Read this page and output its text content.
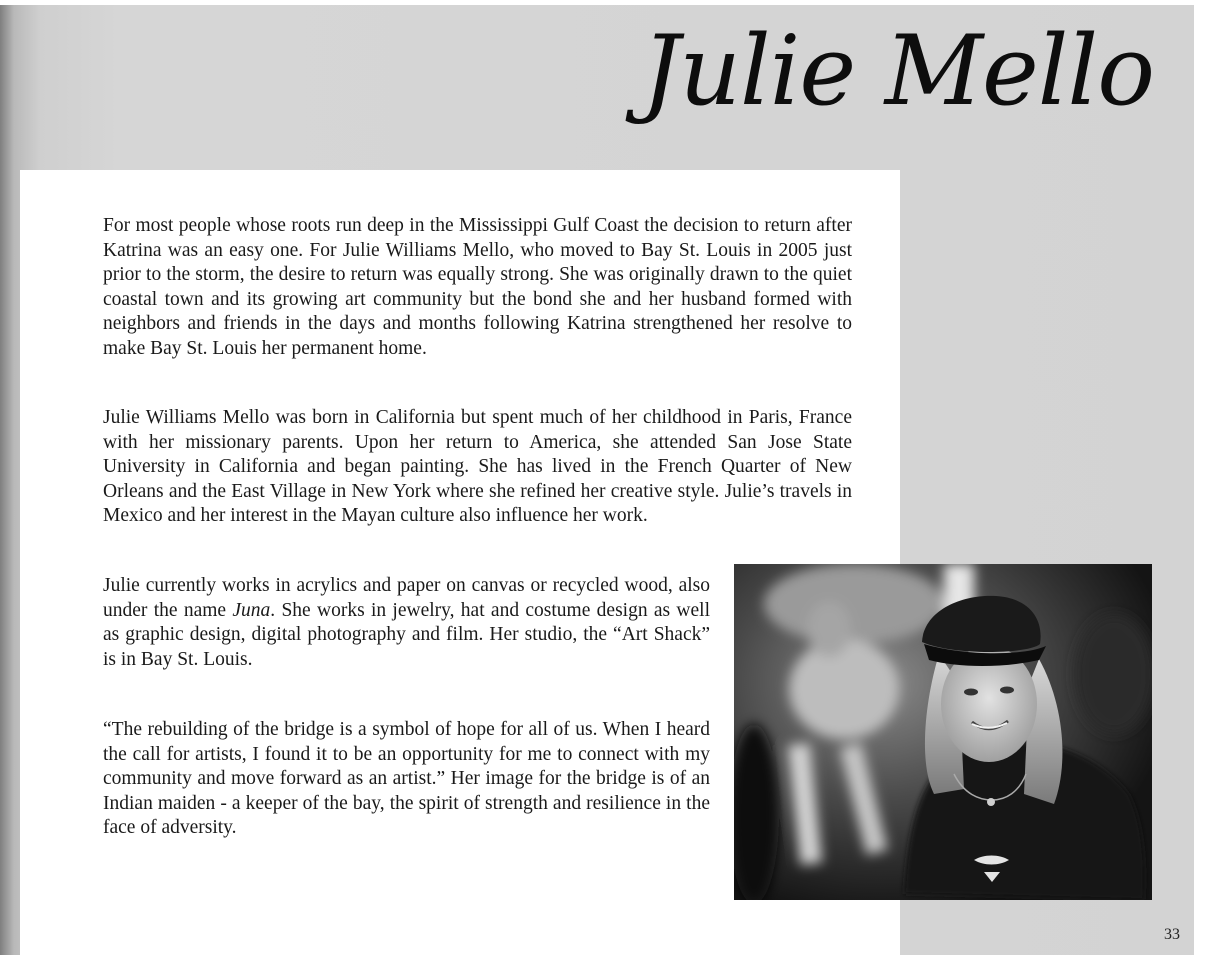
Julie Mello

For most people whose roots run deep in the Mississippi Gulf Coast the decision to return after Katrina was an easy one. For Julie Williams Mello, who moved to Bay St. Louis in 2005 just prior to the storm, the desire to return was equally strong. She was originally drawn to the quiet coastal town and its growing art community but the bond she and her husband formed with neighbors and friends in the days and months following Katrina strengthened her resolve to make Bay St. Louis her permanent home.

Julie Williams Mello was born in California but spent much of her childhood in Paris, France with her missionary parents. Upon her return to America, she attended San Jose State University in California and began painting. She has lived in the French Quarter of New Orleans and the East Village in New York where she refined her creative style. Julie’s travels in Mexico and her interest in the Mayan culture also influence her work.

Julie currently works in acrylics and paper on canvas or recycled wood, also under the name Juna. She works in jewelry, hat and costume design as well as graphic design, digital photography and film. Her studio, the “Art Shack” is in Bay St. Louis.

“The rebuilding of the bridge is a symbol of hope for all of us. When I heard the call for artists, I found it to be an opportunity for me to connect with my community and move forward as an artist.” Her image for the bridge is of an Indian maiden - a keeper of the bay, the spirit of strength and resilience in the face of adversity.

33
